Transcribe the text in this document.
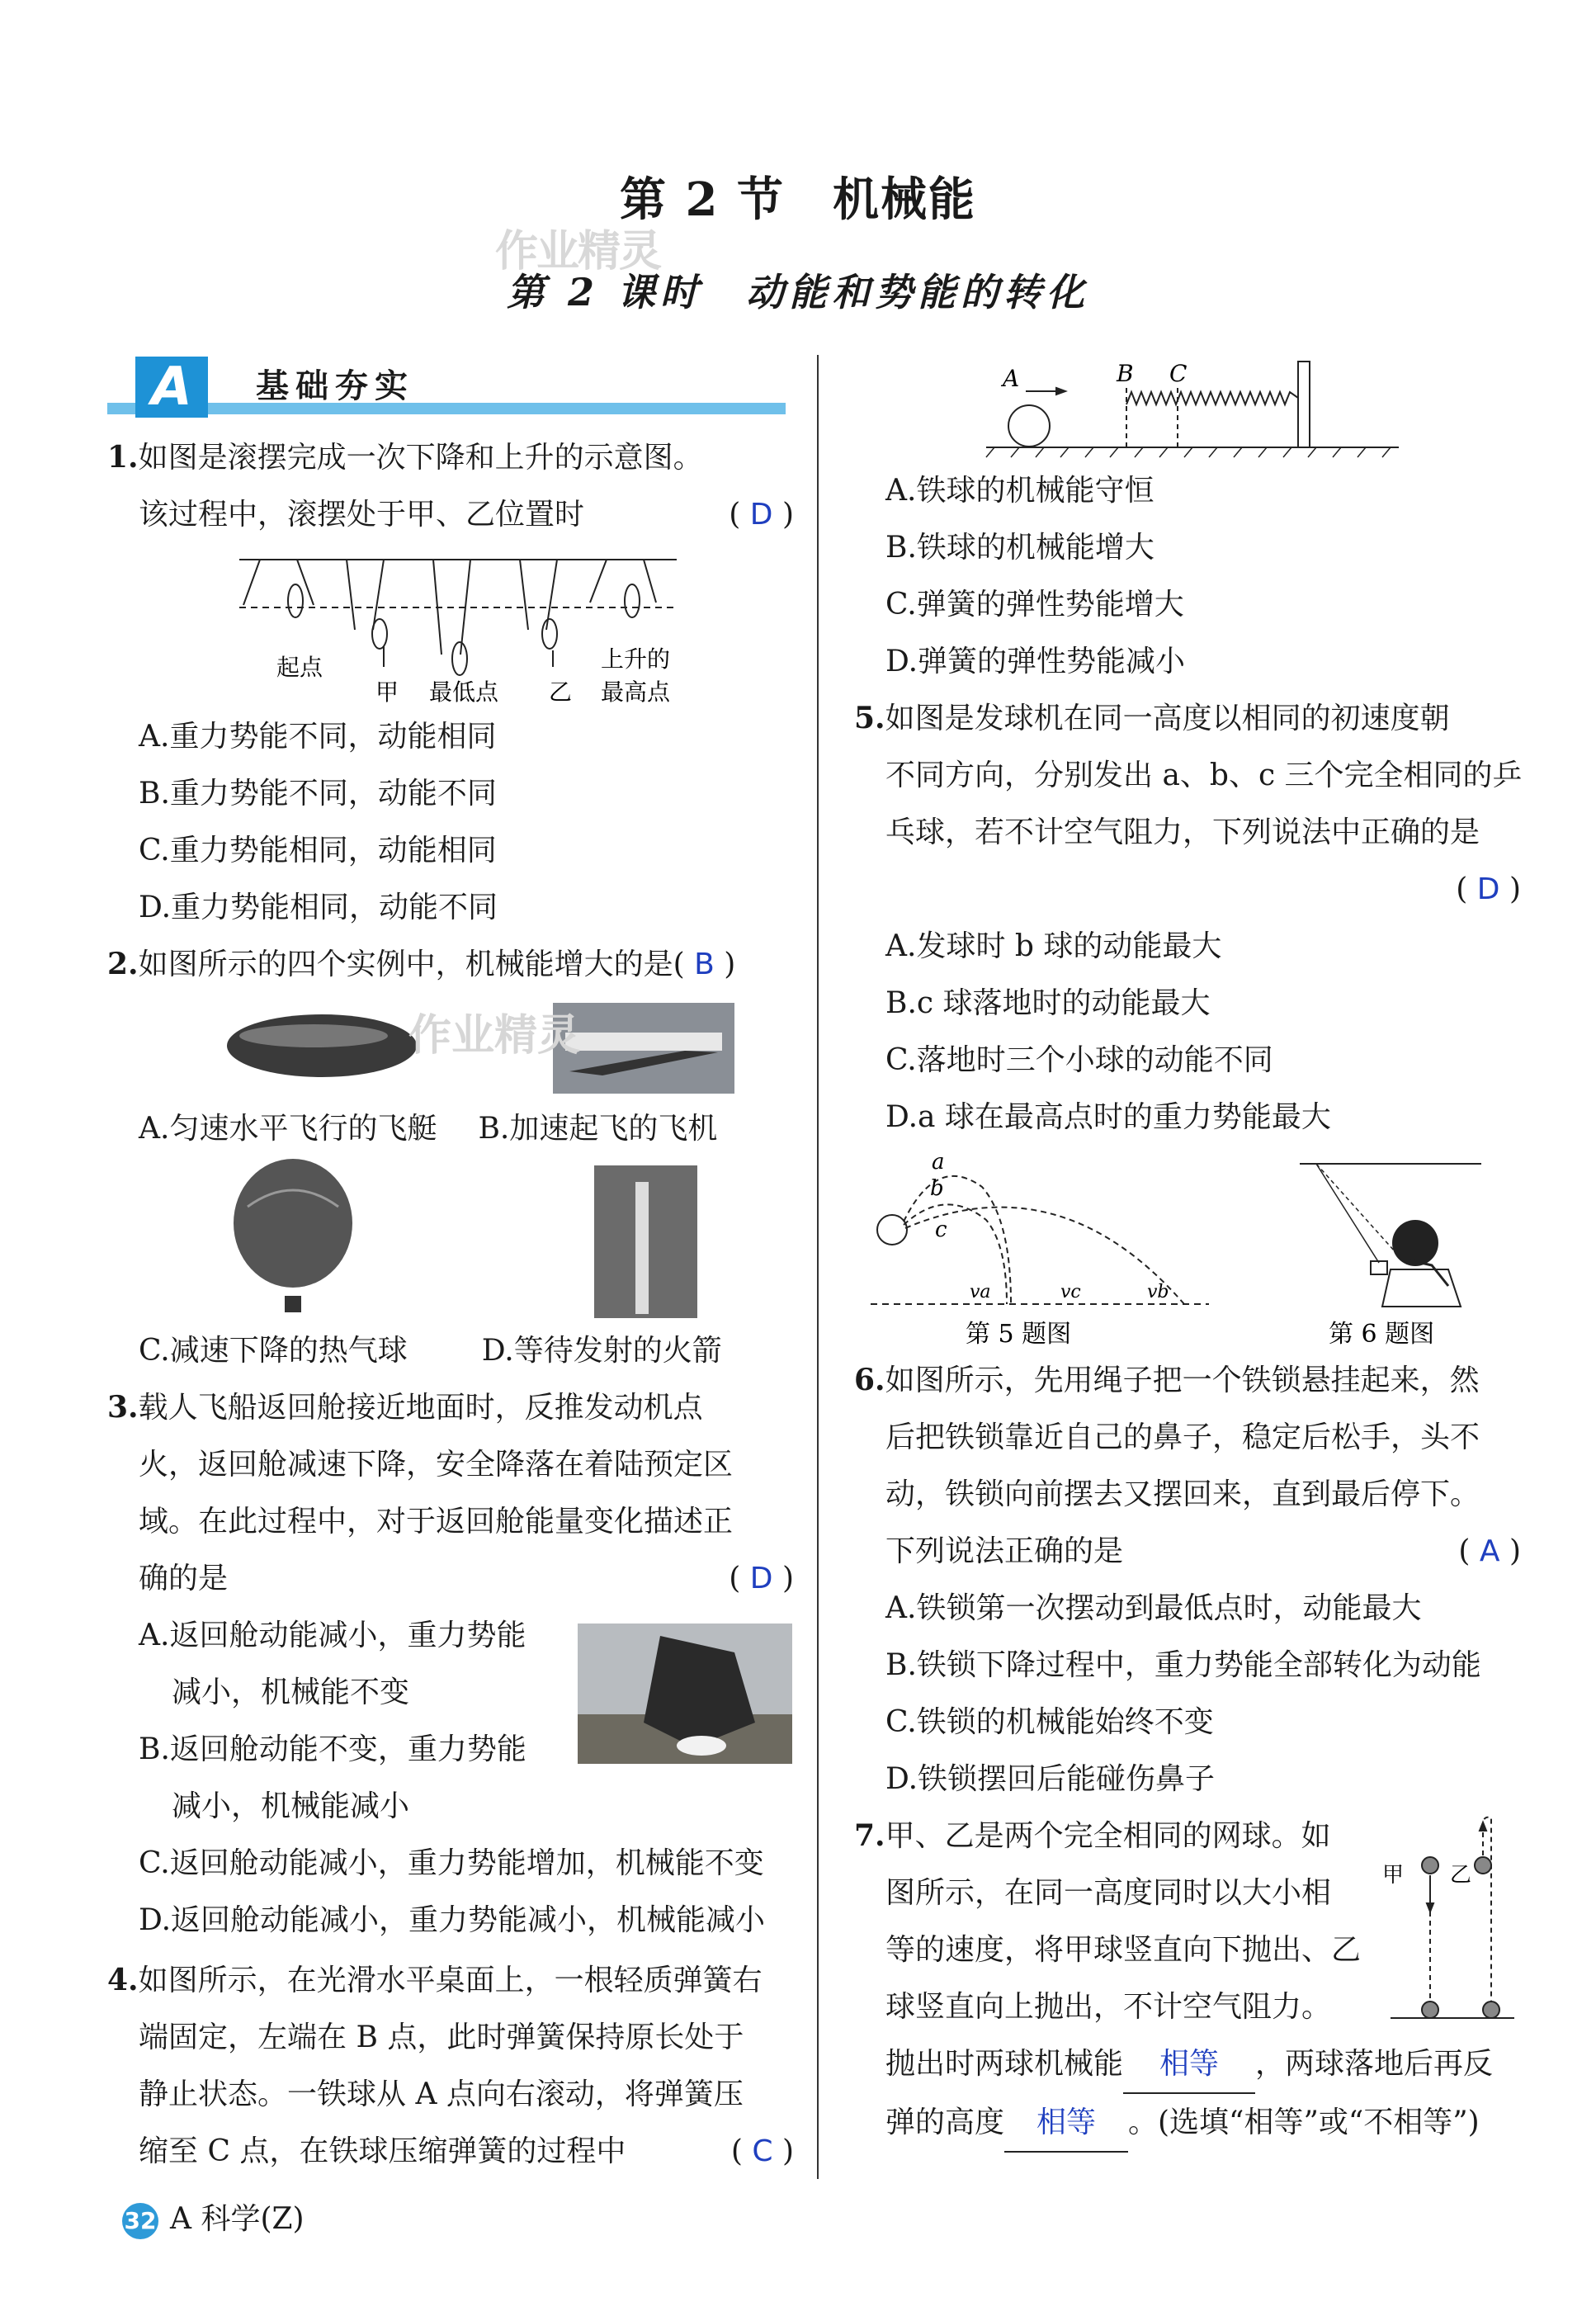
第 2 节　机械能
作业精灵
第 2 课时　动能和势能的转化
A	基础夯实
1.如图是滚摆完成一次下降和上升的示意图。
该过程中，滚摆处于甲、乙位置时	( D )
起点
甲 最低点 乙
上升的
最高点
A.重力势能不同，动能相同
B.重力势能不同，动能不同
C.重力势能相同，动能相同
D.重力势能相同，动能不同
2.如图所示的四个实例中，机械能增大的是( B )
A.匀速水平飞行的飞艇 B.加速起飞的飞机
C.减速下降的热气球	D.等待发射的火箭
3.载人飞船返回舱接近地面时，反推发动机点
火，返回舱减速下降，安全降落在着陆预定区
域。在此过程中，对于返回舱能量变化描述正
确的是	( D )
A.返回舱动能减小，重力势能
减小，机械能不变
B.返回舱动能不变，重力势能
减小，机械能减小
C.返回舱动能减小，重力势能增加，机械能不变
D.返回舱动能减小，重力势能减小，机械能减小
4.如图所示，在光滑水平桌面上，一根轻质弹簧右
端固定，左端在 B 点，此时弹簧保持原长处于
静止状态。一铁球从 A 点向右滚动，将弹簧压
缩至 C 点，在铁球压缩弹簧的过程中	( C )
作业精灵
A	B C
A.铁球的机械能守恒
B.铁球的机械能增大
C.弹簧的弹性势能增大
D.弹簧的弹性势能减小
5.如图是发球机在同一高度以相同的初速度朝
不同方向，分别发出 a、b、c 三个完全相同的乒
乓球，若不计空气阻力，下列说法中正确的是
( D )
A.发球时 b 球的动能最大
B.c 球落地时的动能最大
C.落地时三个小球的动能不同
D.a 球在最高点时的重力势能最大
a
b
c
va	vc	vb
第 5 题图	第 6 题图
6.如图所示，先用绳子把一个铁锁悬挂起来，然
后把铁锁靠近自己的鼻子，稳定后松手，头不
动，铁锁向前摆去又摆回来，直到最后停下。
下列说法正确的是	( A )
A.铁锁第一次摆动到最低点时，动能最大
B.铁锁下降过程中，重力势能全部转化为动能
C.铁锁的机械能始终不变
D.铁锁摆回后能碰伤鼻子
甲 乙
7.甲、乙是两个完全相同的网球。如
图所示，在同一高度同时以大小相
等的速度，将甲球竖直向下抛出、乙
球竖直向上抛出，不计空气阻力。
抛出时两球机械能 相等 ，两球落地后再反
弹的高度 相等 。(选填“相等”或“不相等”)
32 A 科学(Z)
